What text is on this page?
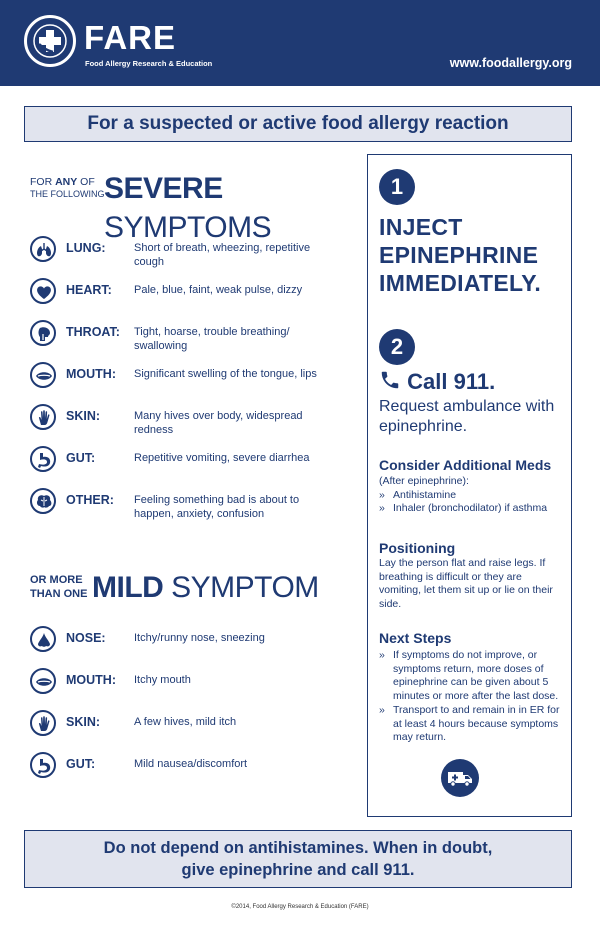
FARE
Food Allergy Research & Education	www.foodallergy.org
For a suspected or active food allergy reaction
FOR ANY OF
THE FOLLOWING SEVERE SYMPTOMS
LUNG:	Short of breath, wheezing, repetitive cough
HEART: Pale, blue, faint, weak pulse, dizzy
THROAT: Tight, hoarse, trouble breathing/ swallowing
MOUTH: Significant swelling of the tongue, lips
SKIN:	Many hives over body, widespread redness
GUT:	Repetitive vomiting, severe diarrhea
OTHER: Feeling something bad is about to happen, anxiety, confusion
OR MORE
THAN ONE MILD SYMPTOM
NOSE:	Itchy/runny nose, sneezing
MOUTH: Itchy mouth
SKIN:	A few hives, mild itch
GUT:	Mild nausea/discomfort
1
INJECT
EPINEPHRINE
IMMEDIATELY.
2
Call 911.
Request ambulance with epinephrine.
Consider Additional Meds
(After epinephrine):
» Antihistamine
» Inhaler (bronchodilator) if asthma
Positioning
Lay the person flat and raise legs. If breathing is difficult or they are vomiting, let them sit up or lie on their side.
Next Steps
» If symptoms do not improve, or symptoms return, more doses of epinephrine can be given about 5 minutes or more after the last dose.
» Transport to and remain in in ER for at least 4 hours because symptoms may return.
Do not depend on antihistamines. When in doubt,
give epinephrine and call 911.
©2014, Food Allergy Research & Education (FARE)
